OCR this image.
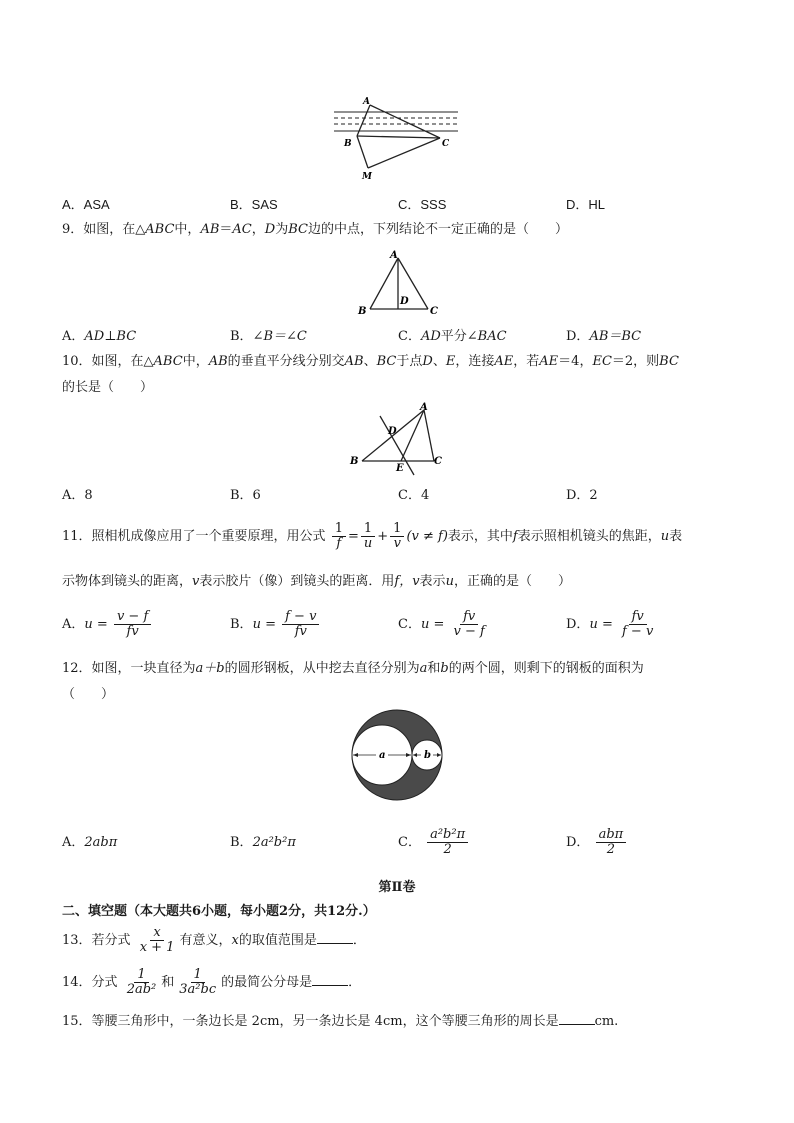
A
B	C
M
A．ASA	B．SAS	C．SSS	D．HL
9．如图，在△ABC中，AB＝AC，D为BC边的中点，下列结论不一定正确的是（　　）
A
B	C
D
A．AD⊥BC	B．∠B＝∠C	C．AD平分∠BAC	D．AB＝BC
10．如图，在△ABC中，AB的垂直平分线分别交AB、BC于点D、E，连接AE，若AE＝4，EC＝2，则BC
的长是（　　）
A
B	C
D
E
A．8	B．6	C．4	D．2
11．照相机成像应用了一个重要原理，用公式 $\frac{1}{f} = \frac{1}{u} + \frac{1}{v} (v \ne f)$表示，其中f表示照相机镜头的焦距，u表
示物体到镜头的距离，v表示胶片（像）到镜头的距离．用f，v表示u，正确的是（　　）
A．$u = \frac{v - f}{fv}$	B．$u = \frac{f - v}{fv}$	C．$u = \frac{fv}{v - f}$	D．$u = \frac{fv}{f - v}$
12．如图，一块直径为a＋b的圆形钢板，从中挖去直径分别为a和b的两个圆，则剩下的钢板的面积为
（　　）
a	b
A．2abπ	B．2a²b²π	C． $\frac{\text{a²b²π}}{2}$	D． $\frac{\text{abπ}}{2}$
第Ⅱ卷
二、填空题（本大题共6小题，每小题2分，共12分.）
13．若分式 $\frac{x}{x + 1}$ 有意义，x的取值范围是	．
14．分式 $\frac{1}{\text{2ab²}}$ 和 $\frac{1}{\text{3a²bc}}$ 的最简公分母是	．
15．等腰三角形中，一条边长是 2cm，另一条边长是 4cm，这个等腰三角形的周长是	cm.
